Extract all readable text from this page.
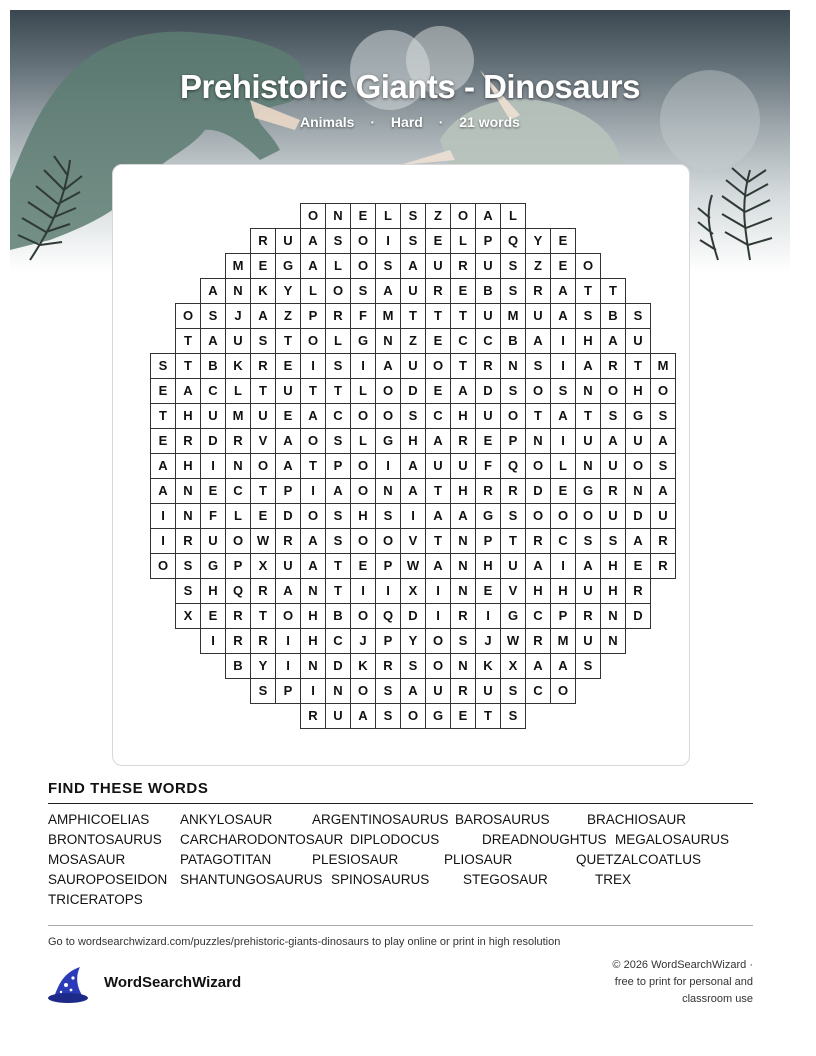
Prehistoric Giants - Dinosaurs
Animals · Hard · 21 words
O	N	E	L	S	Z	O	A	L
R	U	A	S	O	I	S	E	L	P	Q	Y	E
M	E	G	A	L	O	S	A	U	R	U	S	Z	E	O
A	N	K	Y	L	O	S	A	U	R	E	B	S	R	A	T	T
O	S	J	A	Z	P	R	F	M	T	T	T	U	M	U	A	S	B	S
T	A	U	S	T	O	L	G	N	Z	E	C	C	B	A	I	H	A	U
S	T	B	K	R	E	I	S	I	A	U	O	T	R	N	S	I	A	R	T	M
E	A	C	L	T	U	T	T	L	O	D	E	A	D	S	O	S	N	O	H	O
T	H	U	M	U	E	A	C	O	O	S	C	H	U	O	T	A	T	S	G	S
E	R	D	R	V	A	O	S	L	G	H	A	R	E	P	N	I	U	A	U	A
A	H	I	N	O	A	T	P	O	I	A	U	U	F	Q	O	L	N	U	O	S
A	N	E	C	T	P	I	A	O	N	A	T	H	R	R	D	E	G	R	N	A
I	N	F	L	E	D	O	S	H	S	I	A	A	G	S	O	O	O	U	D	U
I	R	U	O	W	R	A	S	O	O	V	T	N	P	T	R	C	S	S	A	R
O	S	G	P	X	U	A	T	E	P	W	A	N	H	U	A	I	A	H	E	R
S	H	Q	R	A	N	T	I	I	X	I	N	E	V	H	H	U	H	R
X	E	R	T	O	H	B	O	Q	D	I	R	I	G	C	P	R	N	D
I	R	R	I	H	C	J	P	Y	O	S	J	W	R	M	U	N
B	Y	I	N	D	K	R	S	O	N	K	X	A	A	S
S	P	I	N	O	S	A	U	R	U	S	C	O
R	U	A	S	O	G	E	T	S
FIND THESE WORDS
AMPHICOELIAS ANKYLOSAUR	ARGENTINOSAURUS BAROSAURUS	BRACHIOSAUR
BRONTOSAURUS CARCHARODONTOSAUR DIPLODOCUS	DREADNOUGHTUS MEGALOSAURUS
MOSASAUR	PATAGOTITAN	PLESIOSAUR	PLIOSAUR	QUETZALCOATLUS
SAUROPOSEIDON SHANTUNGOSAURUS SPINOSAURUS STEGOSAUR	TREX
TRICERATOPS
Go to wordsearchwizard.com/puzzles/prehistoric-giants-dinosaurs to play online or print in high resolution
WordSearchWizard
© 2026 WordSearchWizard ·
free to print for personal and
classroom use
